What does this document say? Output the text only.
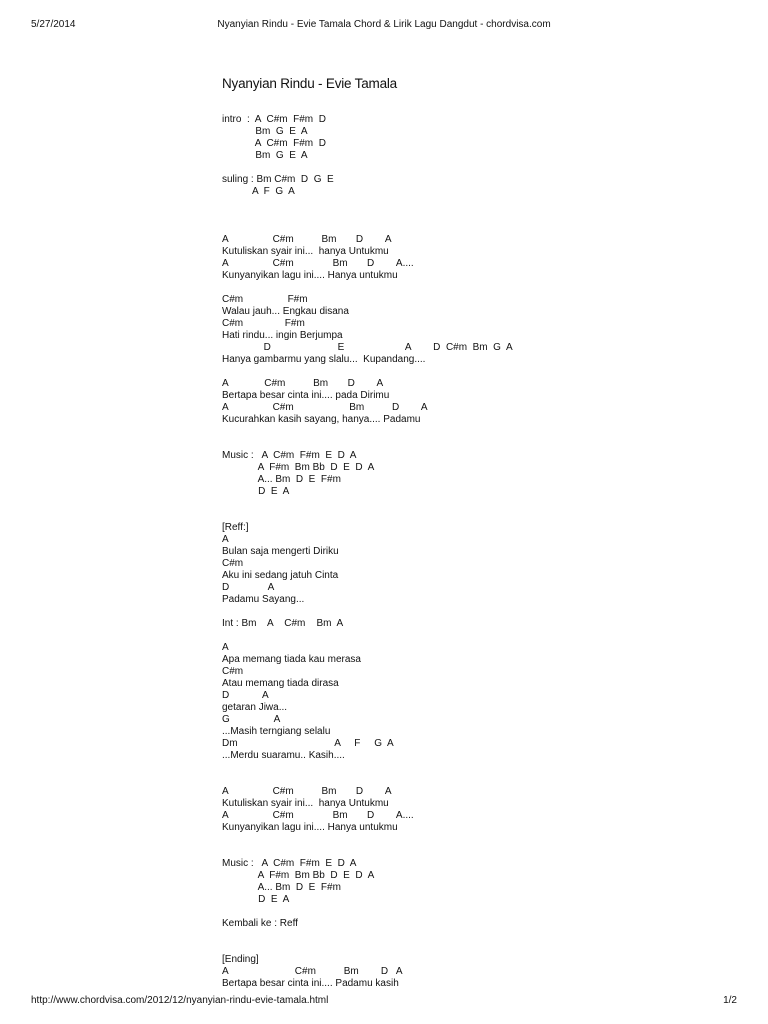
5/27/2014	Nyanyian Rindu - Evie Tamala Chord & Lirik Lagu Dangdut - chordvisa.com
Nyanyian Rindu - Evie Tamala
intro  :  A  C#m  F#m  D
Bm  G  E  A
A  C#m  F#m  D
Bm  G  E  A
suling : Bm C#m  D  G  E
A  F  G  A
A                C#m          Bm       D        A
Kutuliskan syair ini...  hanya Untukmu
A                C#m              Bm       D        A....
Kunyanyikan lagu ini.... Hanya untukmu
C#m                F#m
Walau jauh... Engkau disana
C#m               F#m
Hati rindu... ingin Berjumpa
D                        E                      A        D  C#m  Bm  G  A
Hanya gambarmu yang slalu...  Kupandang....
A             C#m          Bm       D        A
Bertapa besar cinta ini.... pada Dirimu
A                C#m                    Bm          D        A
Kucurahkan kasih sayang, hanya.... Padamu
Music :   A  C#m  F#m  E  D  A
A  F#m  Bm Bb  D  E  D  A
A... Bm  D  E  F#m
D  E  A
[Reff:]
A
Bulan saja mengerti Diriku
C#m
Aku ini sedang jatuh Cinta
D              A
Padamu Sayang...
Int : Bm    A    C#m    Bm  A
A
Apa memang tiada kau merasa
C#m
Atau memang tiada dirasa
D            A
getaran Jiwa...
G                A
...Masih terngiang selalu
Dm                                   A     F     G  A
...Merdu suaramu.. Kasih....
A                C#m          Bm       D        A
Kutuliskan syair ini...  hanya Untukmu
A                C#m              Bm       D        A....
Kunyanyikan lagu ini.... Hanya untukmu
Music :   A  C#m  F#m  E  D  A
A  F#m  Bm Bb  D  E  D  A
A... Bm  D  E  F#m
D  E  A
Kembali ke : Reff
[Ending]
A                        C#m          Bm        D   A
Bertapa besar cinta ini.... Padamu kasih
http://www.chordvisa.com/2012/12/nyanyian-rindu-evie-tamala.html	1/2
